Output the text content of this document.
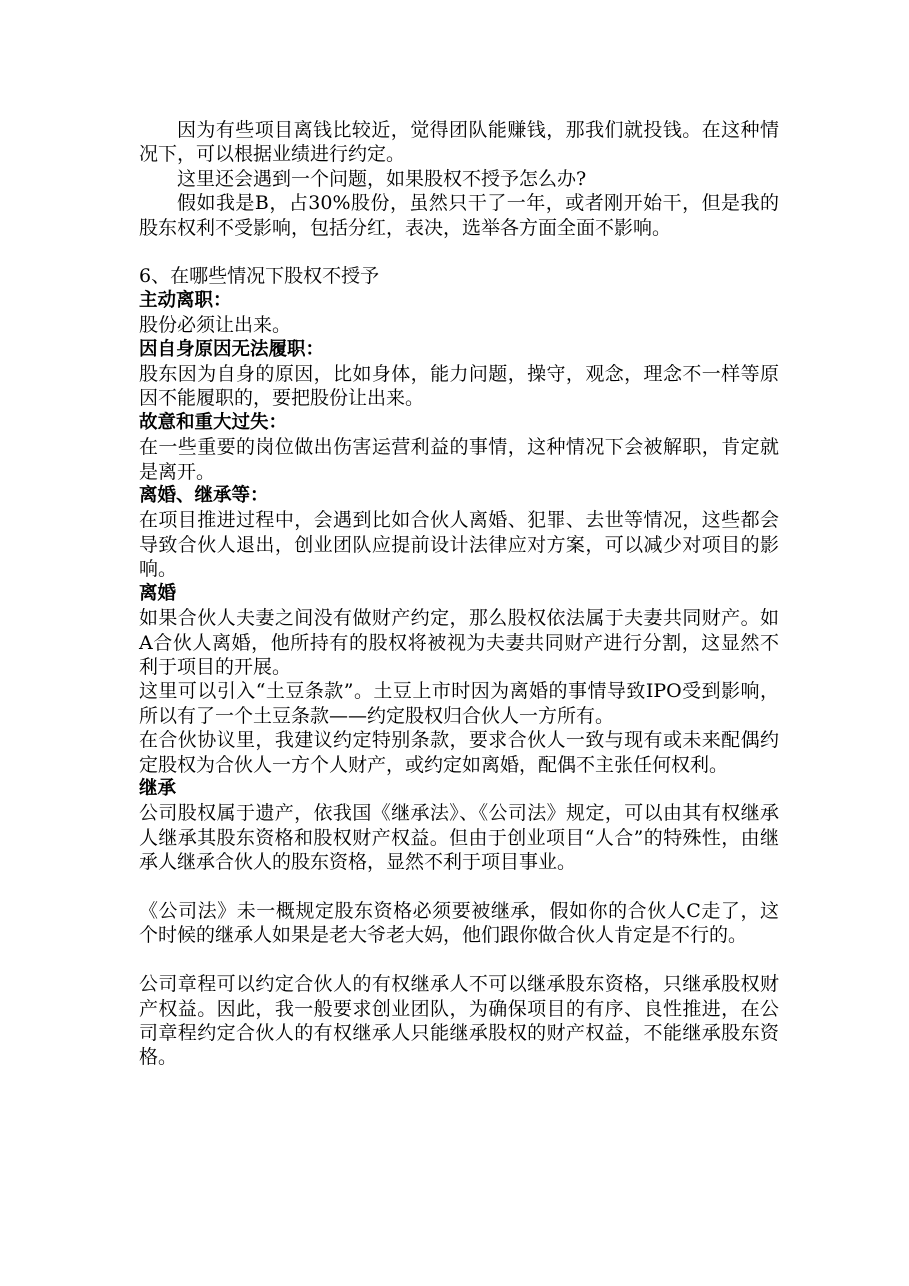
因为有些项目离钱比较近，觉得团队能赚钱，那我们就投钱。在这种情况下，可以根据业绩进行约定。

这里还会遇到一个问题，如果股权不授予怎么办?

假如我是B，占30%股份，虽然只干了一年，或者刚开始干，但是我的股东权利不受影响，包括分红，表决，选举各方面全面不影响。

6、在哪些情况下股权不授予

主动离职：

股份必须让出来。

因自身原因无法履职：

股东因为自身的原因，比如身体，能力问题，操守，观念，理念不一样等原因不能履职的，要把股份让出来。

故意和重大过失：

在一些重要的岗位做出伤害运营利益的事情，这种情况下会被解职，肯定就是离开。

离婚、继承等：

在项目推进过程中，会遇到比如合伙人离婚、犯罪、去世等情况，这些都会导致合伙人退出，创业团队应提前设计法律应对方案，可以减少对项目的影响。

离婚

如果合伙人夫妻之间没有做财产约定，那么股权依法属于夫妻共同财产。如A合伙人离婚，他所持有的股权将被视为夫妻共同财产进行分割，这显然不利于项目的开展。

这里可以引入“土豆条款”。土豆上市时因为离婚的事情导致IPO受到影响，所以有了一个土豆条款——约定股权归合伙人一方所有。

在合伙协议里，我建议约定特别条款，要求合伙人一致与现有或未来配偶约定股权为合伙人一方个人财产，或约定如离婚，配偶不主张任何权利。

继承

公司股权属于遗产，依我国《继承法》、《公司法》规定，可以由其有权继承人继承其股东资格和股权财产权益。但由于创业项目“人合”的特殊性，由继承人继承合伙人的股东资格，显然不利于项目事业。

《公司法》未一概规定股东资格必须要被继承，假如你的合伙人C走了，这个时候的继承人如果是老大爷老大妈，他们跟你做合伙人肯定是不行的。

公司章程可以约定合伙人的有权继承人不可以继承股东资格，只继承股权财产权益。因此，我一般要求创业团队，为确保项目的有序、良性推进，在公司章程约定合伙人的有权继承人只能继承股权的财产权益，不能继承股东资格。
